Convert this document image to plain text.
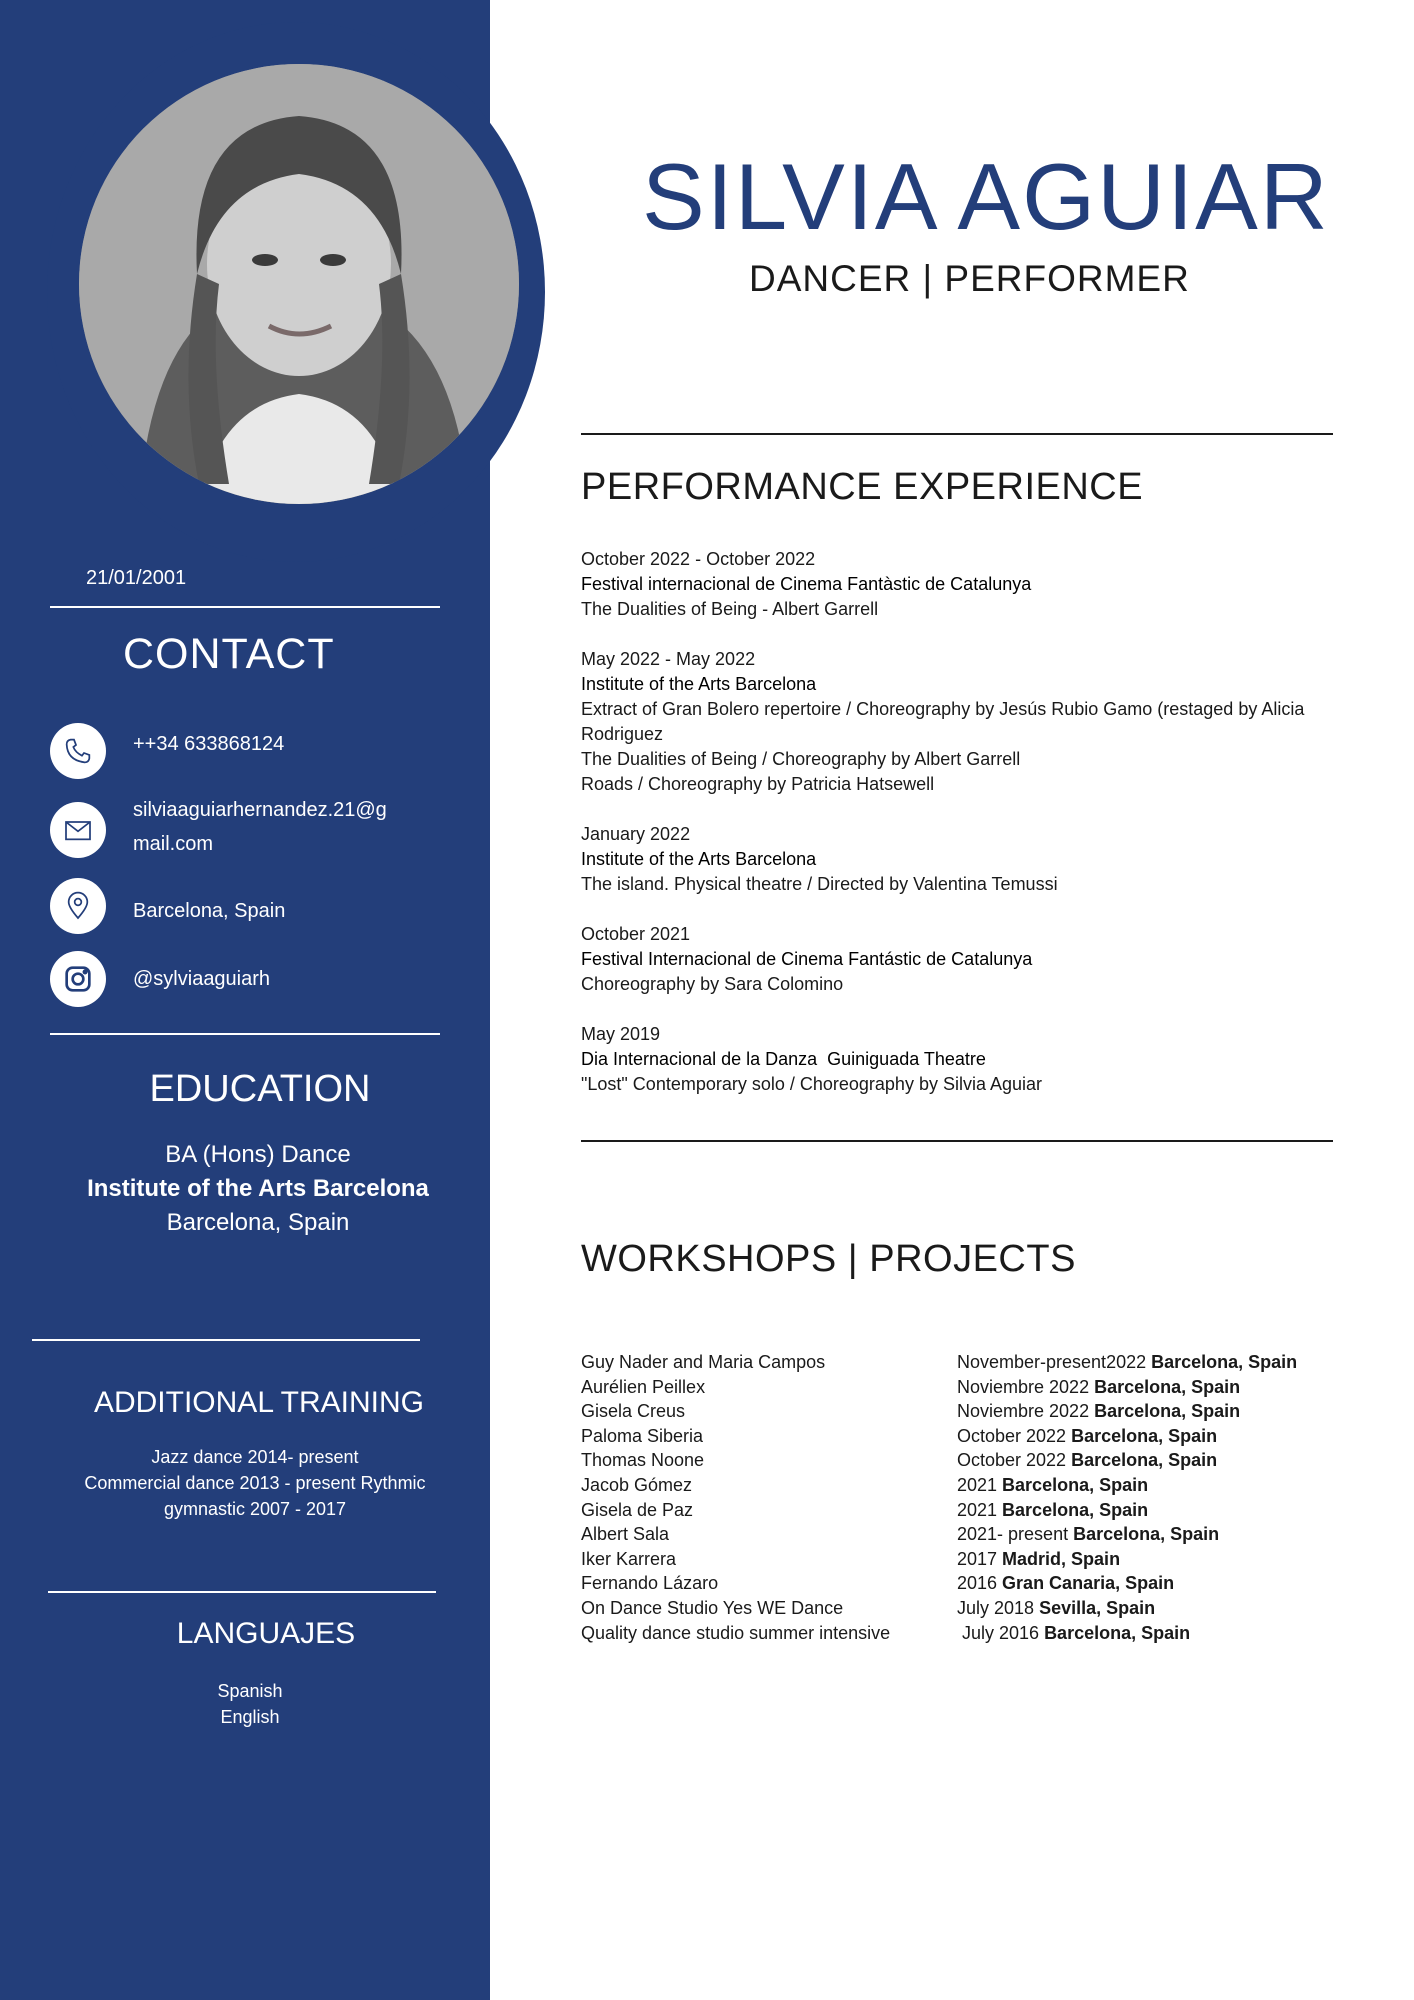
21/01/2001
CONTACT
++34 633868124
silviaaguiarhernandez.21@g
mail.com
Barcelona, Spain
@sylviaaguiarh
EDUCATION
BA (Hons) Dance
Institute of the Arts Barcelona
Barcelona, Spain
ADDITIONAL TRAINING
Jazz dance 2014- present
Commercial dance 2013 - present Rythmic
gymnastic 2007 - 2017
LANGUAJES
Spanish
English
SILVIA AGUIAR
DANCER | PERFORMER
PERFORMANCE EXPERIENCE
October 2022 - October 2022
Festival internacional de Cinema Fantàstic de Catalunya
The Dualities of Being - Albert Garrell
May 2022 - May 2022
Institute of the Arts Barcelona
Extract of Gran Bolero repertoire / Choreography by Jesús Rubio Gamo (restaged by Alicia
Rodriguez
The Dualities of Being / Choreography by Albert Garrell
Roads / Choreography by Patricia Hatsewell
January 2022
Institute of the Arts Barcelona
The island. Physical theatre / Directed by Valentina Temussi
October 2021
Festival Internacional de Cinema Fantástic de Catalunya
Choreography by Sara Colomino
May 2019
Dia Internacional de la Danza  Guiniguada Theatre
"Lost" Contemporary solo / Choreography by Silvia Aguiar
WORKSHOPS | PROJECTS
Guy Nader and Maria Campos
Aurélien Peillex
Gisela Creus
Paloma Siberia
Thomas Noone
Jacob Gómez
Gisela de Paz
Albert Sala
Iker Karrera
Fernando Lázaro
On Dance Studio Yes WE Dance
Quality dance studio summer intensive
November-present2022 Barcelona, Spain
Noviembre 2022 Barcelona, Spain
Noviembre 2022 Barcelona, Spain
October 2022 Barcelona, Spain
October 2022 Barcelona, Spain
2021 Barcelona, Spain
2021 Barcelona, Spain
2021- present Barcelona, Spain
2017 Madrid, Spain
2016 Gran Canaria, Spain
July 2018 Sevilla, Spain
July 2016 Barcelona, Spain
